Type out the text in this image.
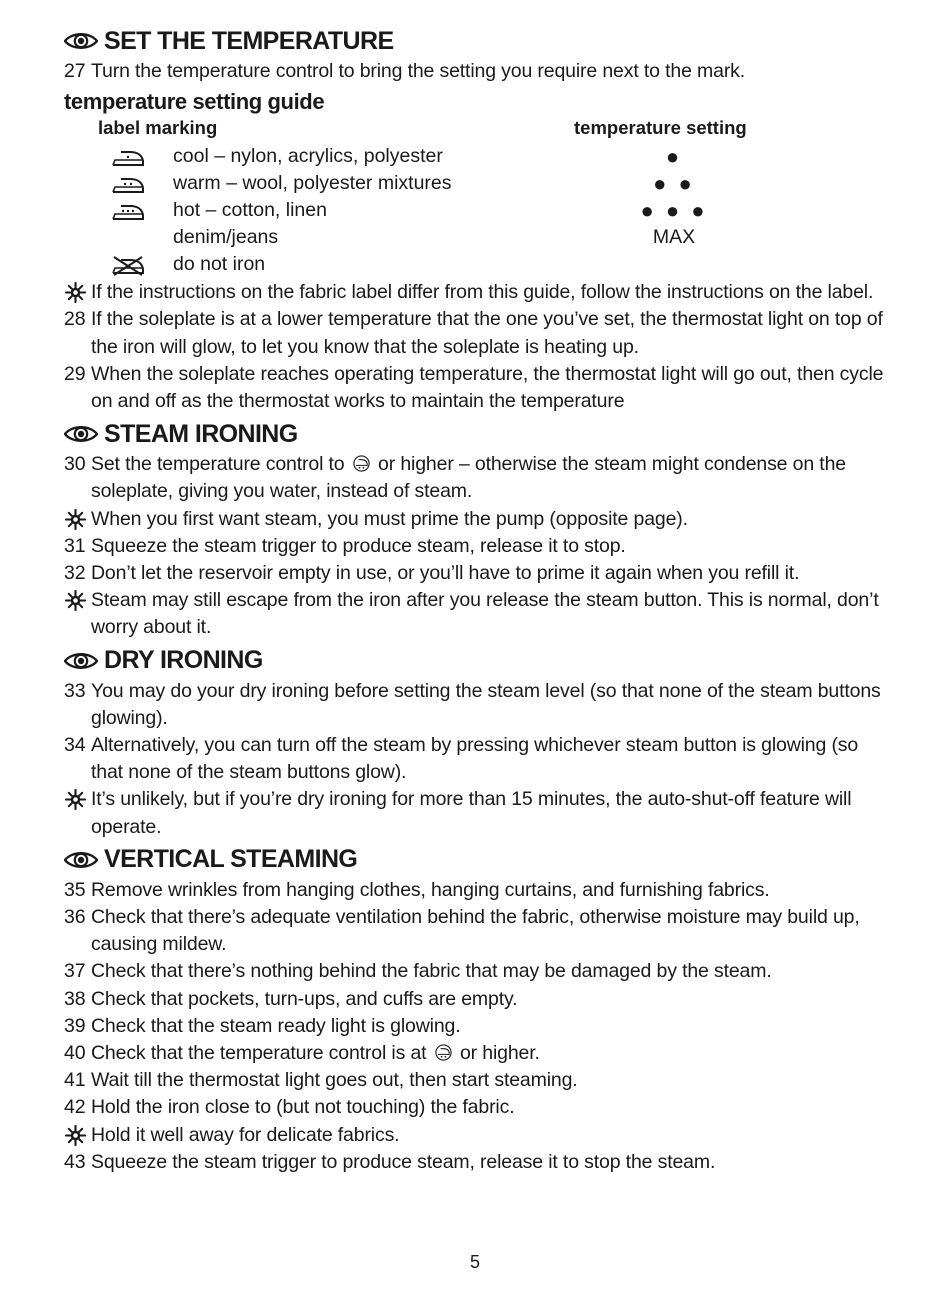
SET THE TEMPERATURE

27 Turn the temperature control to bring the setting you require next to the mark.

temperature setting guide

label marking	temperature setting
cool – nylon, acrylics, polyester	●
warm – wool, polyester mixtures	● ●
hot – cotton, linen	● ● ●
denim/jeans	MAX
do not iron

If the instructions on the fabric label differ from this guide, follow the instructions on the label.

28 If the soleplate is at a lower temperature that the one you’ve set, the thermostat light on top of the iron will glow, to let you know that the soleplate is heating up.

29 When the soleplate reaches operating temperature, the thermostat light will go out, then cycle on and off as the thermostat works to maintain the temperature

STEAM IRONING

30 Set the temperature control to or higher – otherwise the steam might condense on the soleplate, giving you water, instead of steam.

When you first want steam, you must prime the pump (opposite page).

31 Squeeze the steam trigger to produce steam, release it to stop.

32 Don’t let the reservoir empty in use, or you’ll have to prime it again when you refill it.

Steam may still escape from the iron after you release the steam button. This is normal, don’t worry about it.

DRY IRONING

33 You may do your dry ironing before setting the steam level (so that none of the steam buttons glowing).

34 Alternatively, you can turn off the steam by pressing whichever steam button is glowing (so that none of the steam buttons glow).

It’s unlikely, but if you’re dry ironing for more than 15 minutes, the auto-shut-off feature will operate.

VERTICAL STEAMING

35 Remove wrinkles from hanging clothes, hanging curtains, and furnishing fabrics.

36 Check that there’s adequate ventilation behind the fabric, otherwise moisture may build up, causing mildew.

37 Check that there’s nothing behind the fabric that may be damaged by the steam.

38 Check that pockets, turn-ups, and cuffs are empty.

39 Check that the steam ready light is glowing.

40 Check that the temperature control is at or higher.

41 Wait till the thermostat light goes out, then start steaming.

42 Hold the iron close to (but not touching) the fabric.

Hold it well away for delicate fabrics.

43 Squeeze the steam trigger to produce steam, release it to stop the steam.

5
